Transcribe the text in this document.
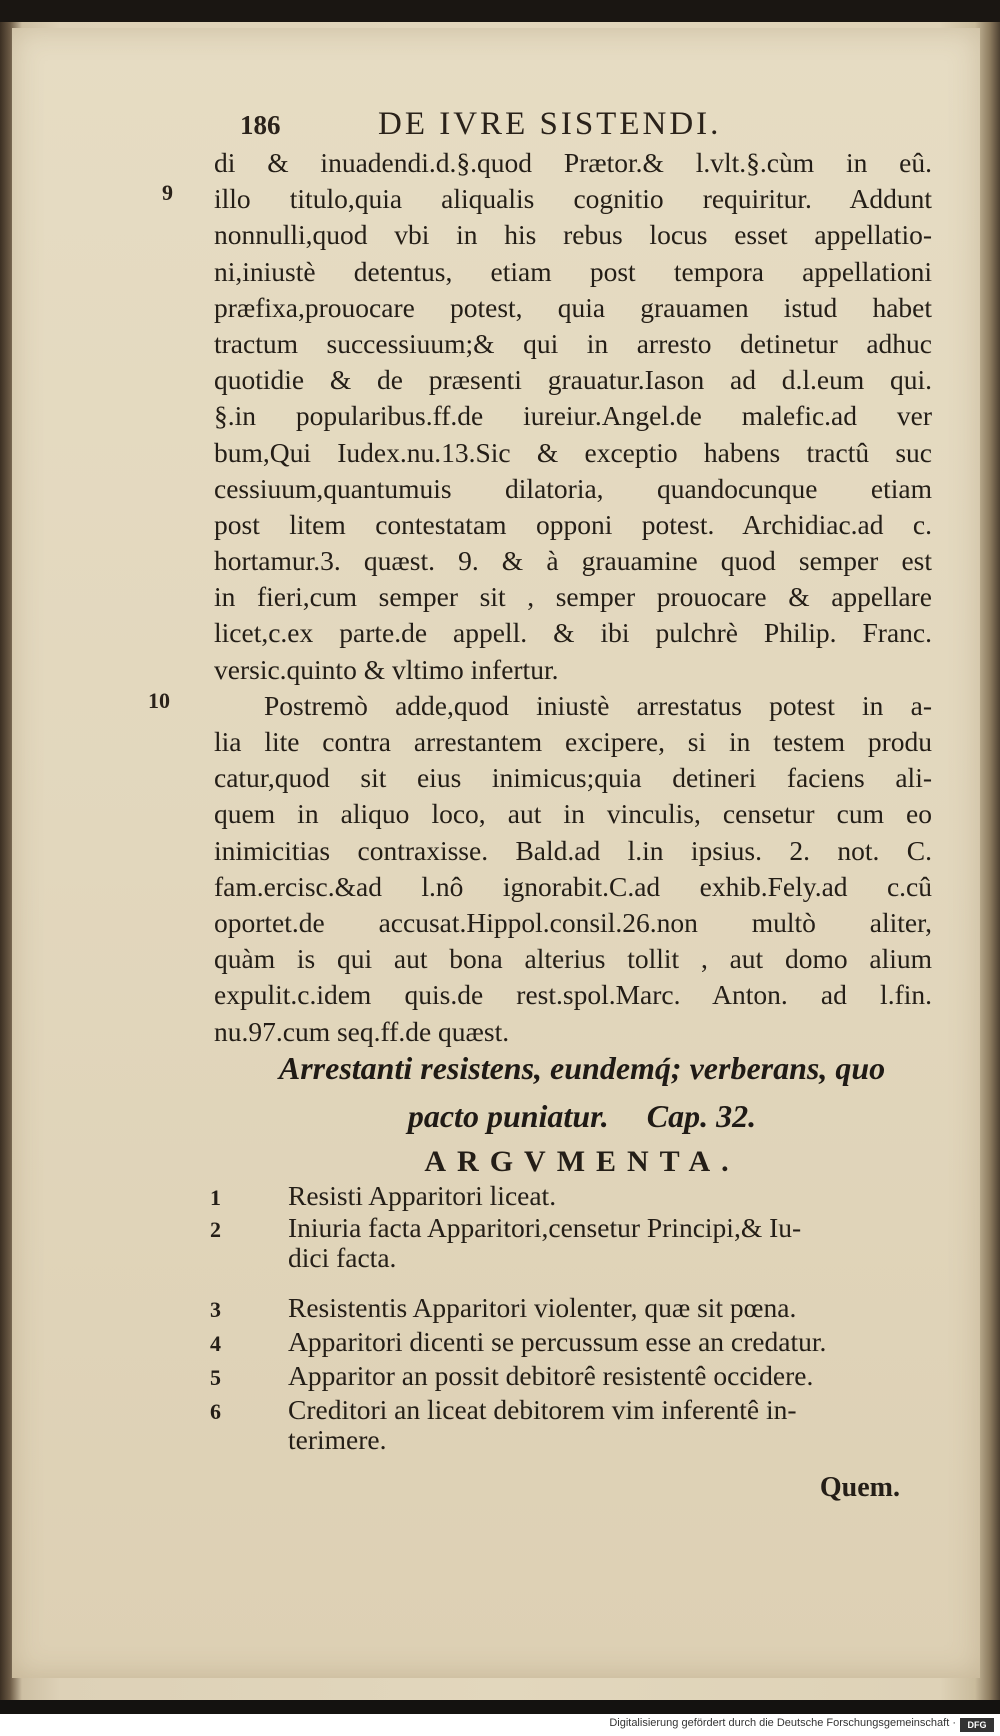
186	DE IVRE SISTENDI.
9
10
di & inuadendi.d.§.quod Prætor.& l.vlt.§.cùm in eû.
illo titulo,quia aliqualis cognitio requiritur. Addunt
nonnulli,quod vbi in his rebus locus esset appellatio-
ni,iniustè detentus, etiam post tempora appellationi
præfixa,prouocare potest, quia grauamen istud habet
tractum successiuum;& qui in arresto detinetur adhuc
quotidie & de præsenti grauatur.Iason ad d.l.eum qui.
§.in popularibus.ff.de iureiur.Angel.de malefic.ad ver
bum,Qui Iudex.nu.13.Sic & exceptio habens tractû suc
cessiuum,quantumuis dilatoria, quandocunque etiam
post litem contestatam opponi potest. Archidiac.ad c.
hortamur.3. quæst. 9. & à grauamine quod semper est
in fieri,cum semper sit , semper prouocare & appellare
licet,c.ex parte.de appell. & ibi pulchrè Philip. Franc.
versic.quinto & vltimo infertur.
Postremò adde,quod iniustè arrestatus potest in a-
lia lite contra arrestantem excipere, si in testem produ
catur,quod sit eius inimicus;quia detineri faciens ali-
quem in aliquo loco, aut in vinculis, censetur cum eo
inimicitias contraxisse. Bald.ad l.in ipsius. 2. not. C.
fam.ercisc.&ad l.nô ignorabit.C.ad exhib.Fely.ad c.cû
oportet.de accusat.Hippol.consil.26.non multò aliter,
quàm is qui aut bona alterius tollit , aut domo alium
expulit.c.idem quis.de rest.spol.Marc. Anton. ad l.fin.
nu.97.cum seq.ff.de quæst.
Arrestanti resistens, eundemq́; verberans, quo
pacto puniatur. Cap. 32.
ARGVMENTA.
1 Resisti Apparitori liceat.
2 Iniuria facta Apparitori,censetur Principi,& Iu-
dici facta.
3 Resistentis Apparitori violenter, quæ sit pœna.
4 Apparitori dicenti se percussum esse an credatur.
5 Apparitor an possit debitorê resistentê occidere.
6 Creditori an liceat debitorem vim inferentê in-
terimere.
Quem.
Digitalisierung gefördert durch die Deutsche Forschungsgemeinschaft ·	DFG
